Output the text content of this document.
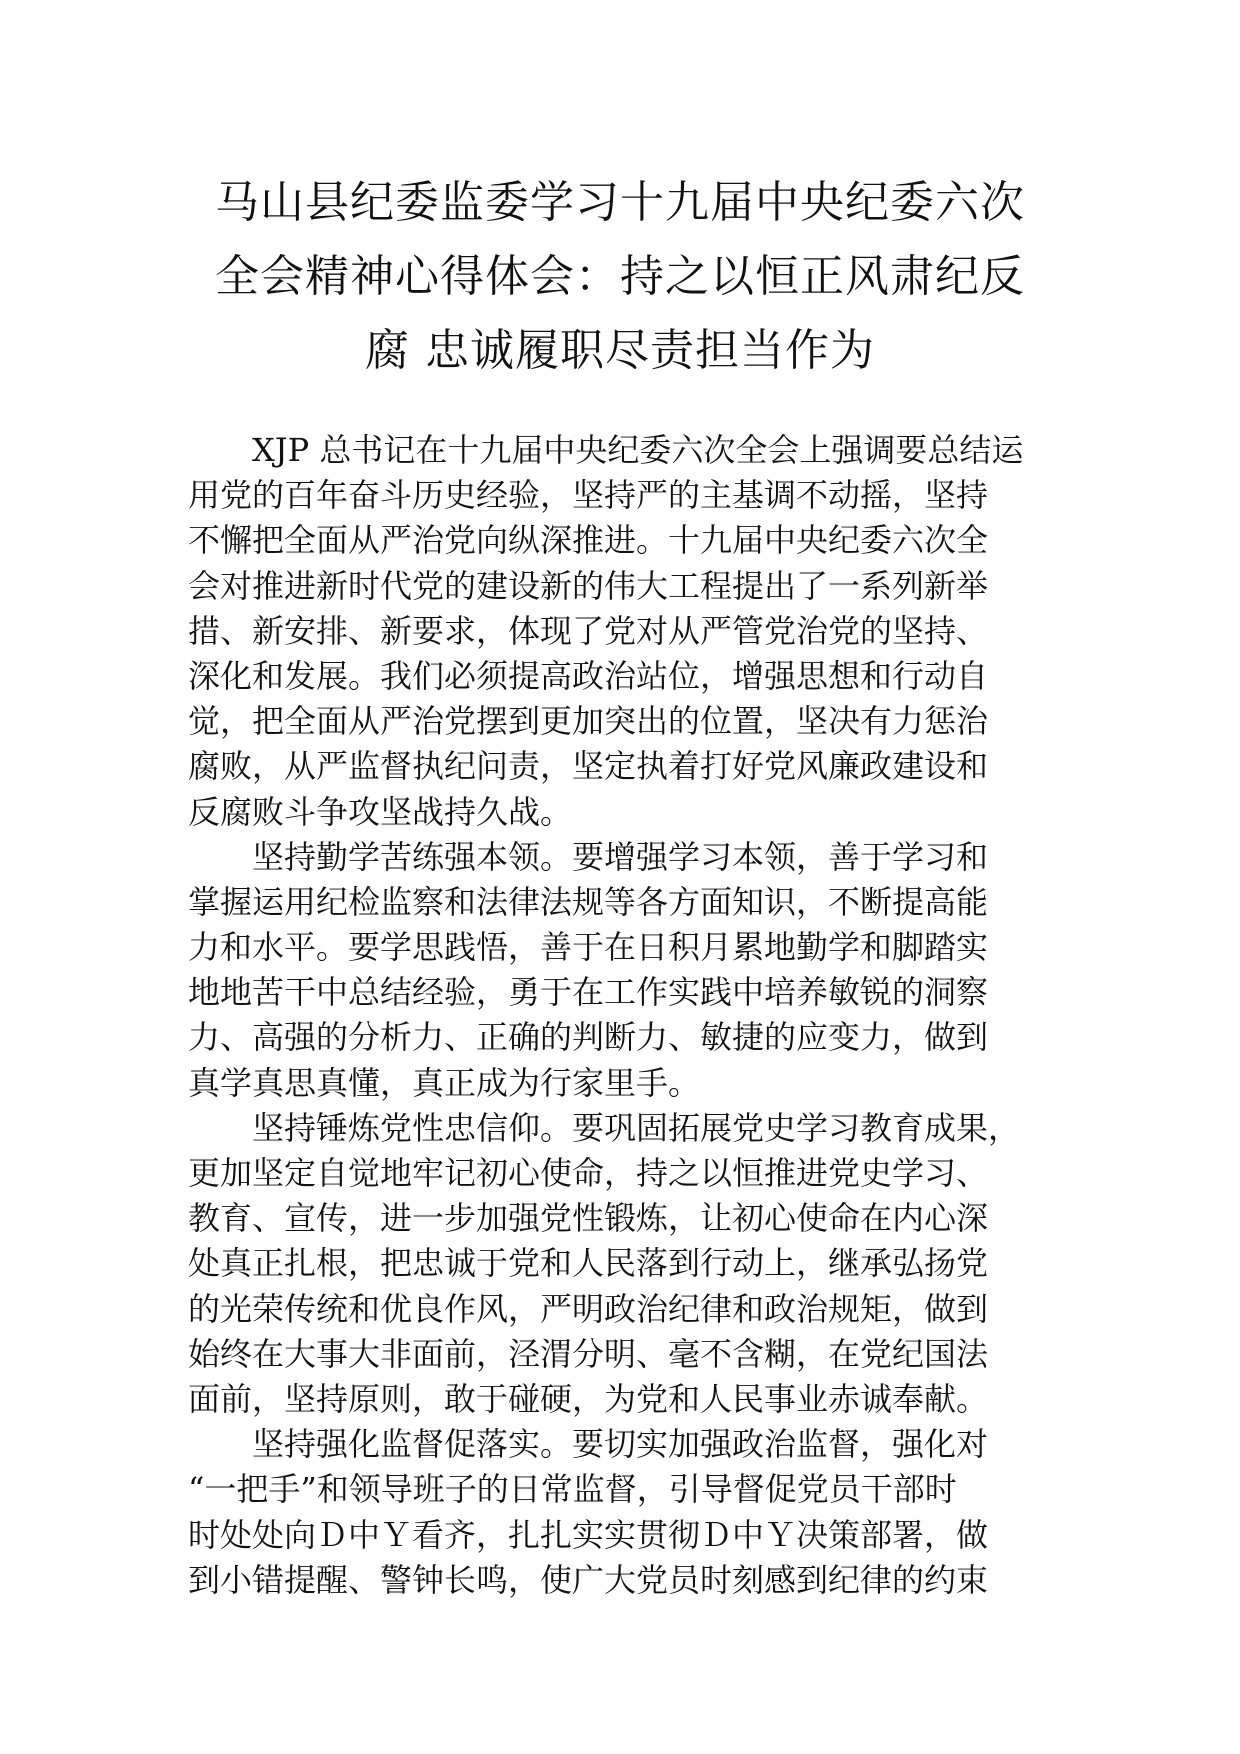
马山县纪委监委学习十九届中央纪委六次
全会精神心得体会：持之以恒正风肃纪反
腐 忠诚履职尽责担当作为
XJP 总书记在十九届中央纪委六次全会上强调要总结运
用党的百年奋斗历史经验，坚持严的主基调不动摇，坚持
不懈把全面从严治党向纵深推进。十九届中央纪委六次全
会对推进新时代党的建设新的伟大工程提出了一系列新举
措、新安排、新要求，体现了党对从严管党治党的坚持、
深化和发展。我们必须提高政治站位，增强思想和行动自
觉，把全面从严治党摆到更加突出的位置，坚决有力惩治
腐败，从严监督执纪问责，坚定执着打好党风廉政建设和
反腐败斗争攻坚战持久战。
坚持勤学苦练强本领。要增强学习本领，善于学习和
掌握运用纪检监察和法律法规等各方面知识，不断提高能
力和水平。要学思践悟，善于在日积月累地勤学和脚踏实
地地苦干中总结经验，勇于在工作实践中培养敏锐的洞察
力、高强的分析力、正确的判断力、敏捷的应变力，做到
真学真思真懂，真正成为行家里手。
坚持锤炼党性忠信仰。要巩固拓展党史学习教育成果，
更加坚定自觉地牢记初心使命，持之以恒推进党史学习、
教育、宣传，进一步加强党性锻炼，让初心使命在内心深
处真正扎根，把忠诚于党和人民落到行动上，继承弘扬党
的光荣传统和优良作风，严明政治纪律和政治规矩，做到
始终在大事大非面前，泾渭分明、毫不含糊，在党纪国法
面前，坚持原则，敢于碰硬，为党和人民事业赤诚奉献。
坚持强化监督促落实。要切实加强政治监督，强化对
“一把手”和领导班子的日常监督，引导督促党员干部时
时处处向Ｄ中Ｙ看齐，扎扎实实贯彻Ｄ中Ｙ决策部署，做
到小错提醒、警钟长鸣，使广大党员时刻感到纪律的约束
